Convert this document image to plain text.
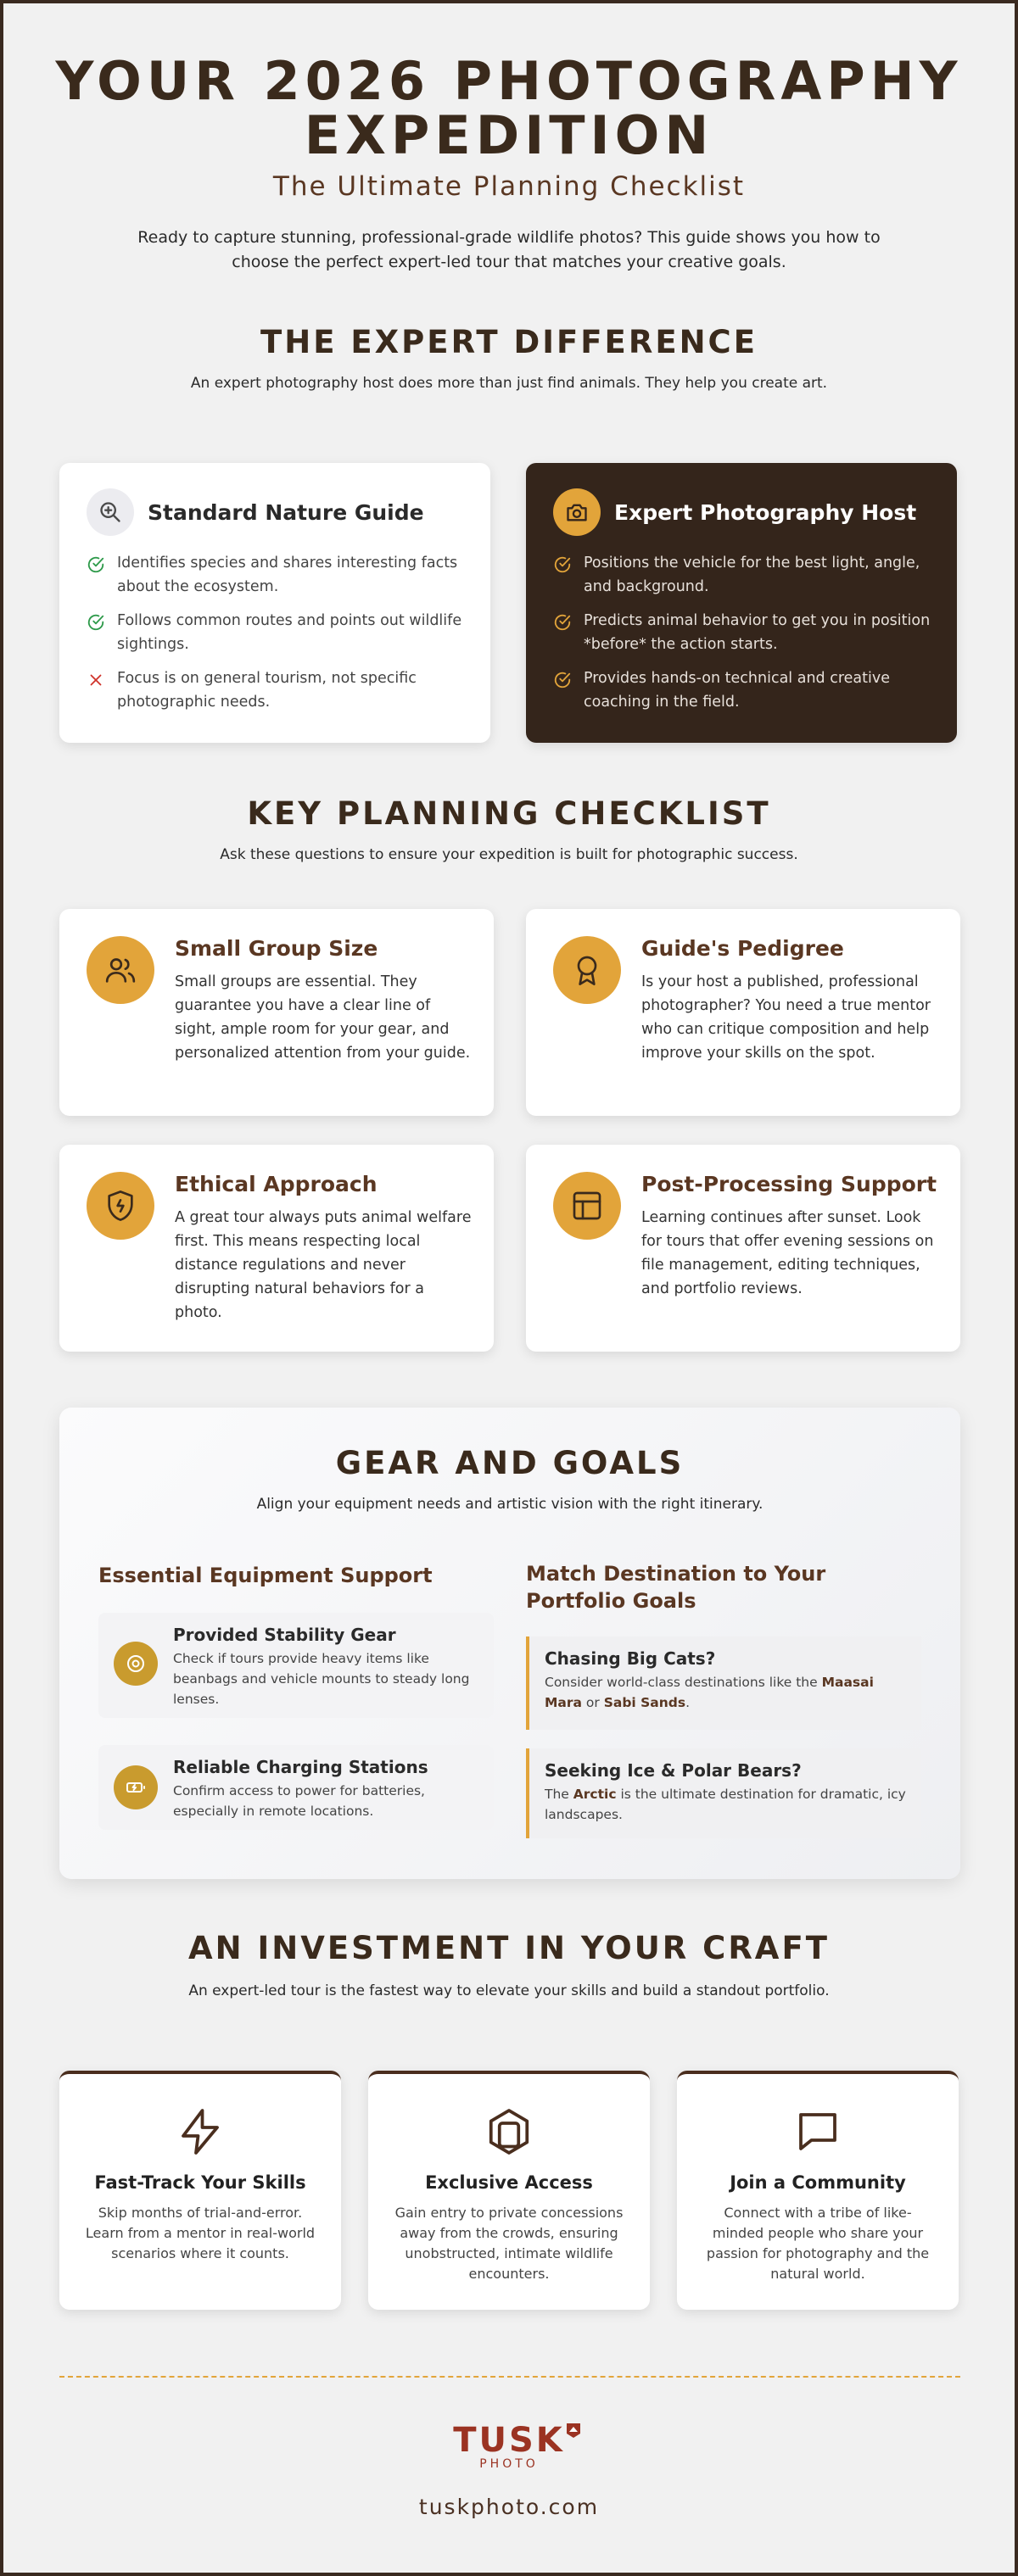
YOUR 2026 PHOTOGRAPHY
EXPEDITION
The Ultimate Planning Checklist
Ready to capture stunning, professional-grade wildlife photos? This guide shows you how to choose the perfect expert-led tour that matches your creative goals.
THE EXPERT DIFFERENCE
An expert photography host does more than just find animals. They help you create art.
Standard Nature Guide
Identifies species and shares interesting facts about the ecosystem.
Follows common routes and points out wildlife sightings.
Focus is on general tourism, not specific photographic needs.
Expert Photography Host
Positions the vehicle for the best light, angle, and background.
Predicts animal behavior to get you in position *before* the action starts.
Provides hands-on technical and creative coaching in the field.
KEY PLANNING CHECKLIST
Ask these questions to ensure your expedition is built for photographic success.
Small Group Size
Small groups are essential. They guarantee you have a clear line of sight, ample room for your gear, and personalized attention from your guide.
Guide's Pedigree
Is your host a published, professional photographer? You need a true mentor who can critique composition and help improve your skills on the spot.
Ethical Approach
A great tour always puts animal welfare first. This means respecting local distance regulations and never disrupting natural behaviors for a photo.
Post-Processing Support
Learning continues after sunset. Look for tours that offer evening sessions on file management, editing techniques, and portfolio reviews.
GEAR AND GOALS
Align your equipment needs and artistic vision with the right itinerary.
Essential Equipment Support
Provided Stability Gear
Check if tours provide heavy items like beanbags and vehicle mounts to steady long lenses.
Reliable Charging Stations
Confirm access to power for batteries, especially in remote locations.
Match Destination to Your
Portfolio Goals
Chasing Big Cats?
Consider world-class destinations like the Maasai Mara or Sabi Sands.
Seeking Ice & Polar Bears?
The Arctic is the ultimate destination for dramatic, icy landscapes.
AN INVESTMENT IN YOUR CRAFT
An expert-led tour is the fastest way to elevate your skills and build a standout portfolio.
Fast-Track Your Skills
Skip months of trial-and-error. Learn from a mentor in real-world scenarios where it counts.
Exclusive Access
Gain entry to private concessions away from the crowds, ensuring unobstructed, intimate wildlife encounters.
Join a Community
Connect with a tribe of like-minded people who share your passion for photography and the natural world.
TUSK
PHOTO
tuskphoto.com
